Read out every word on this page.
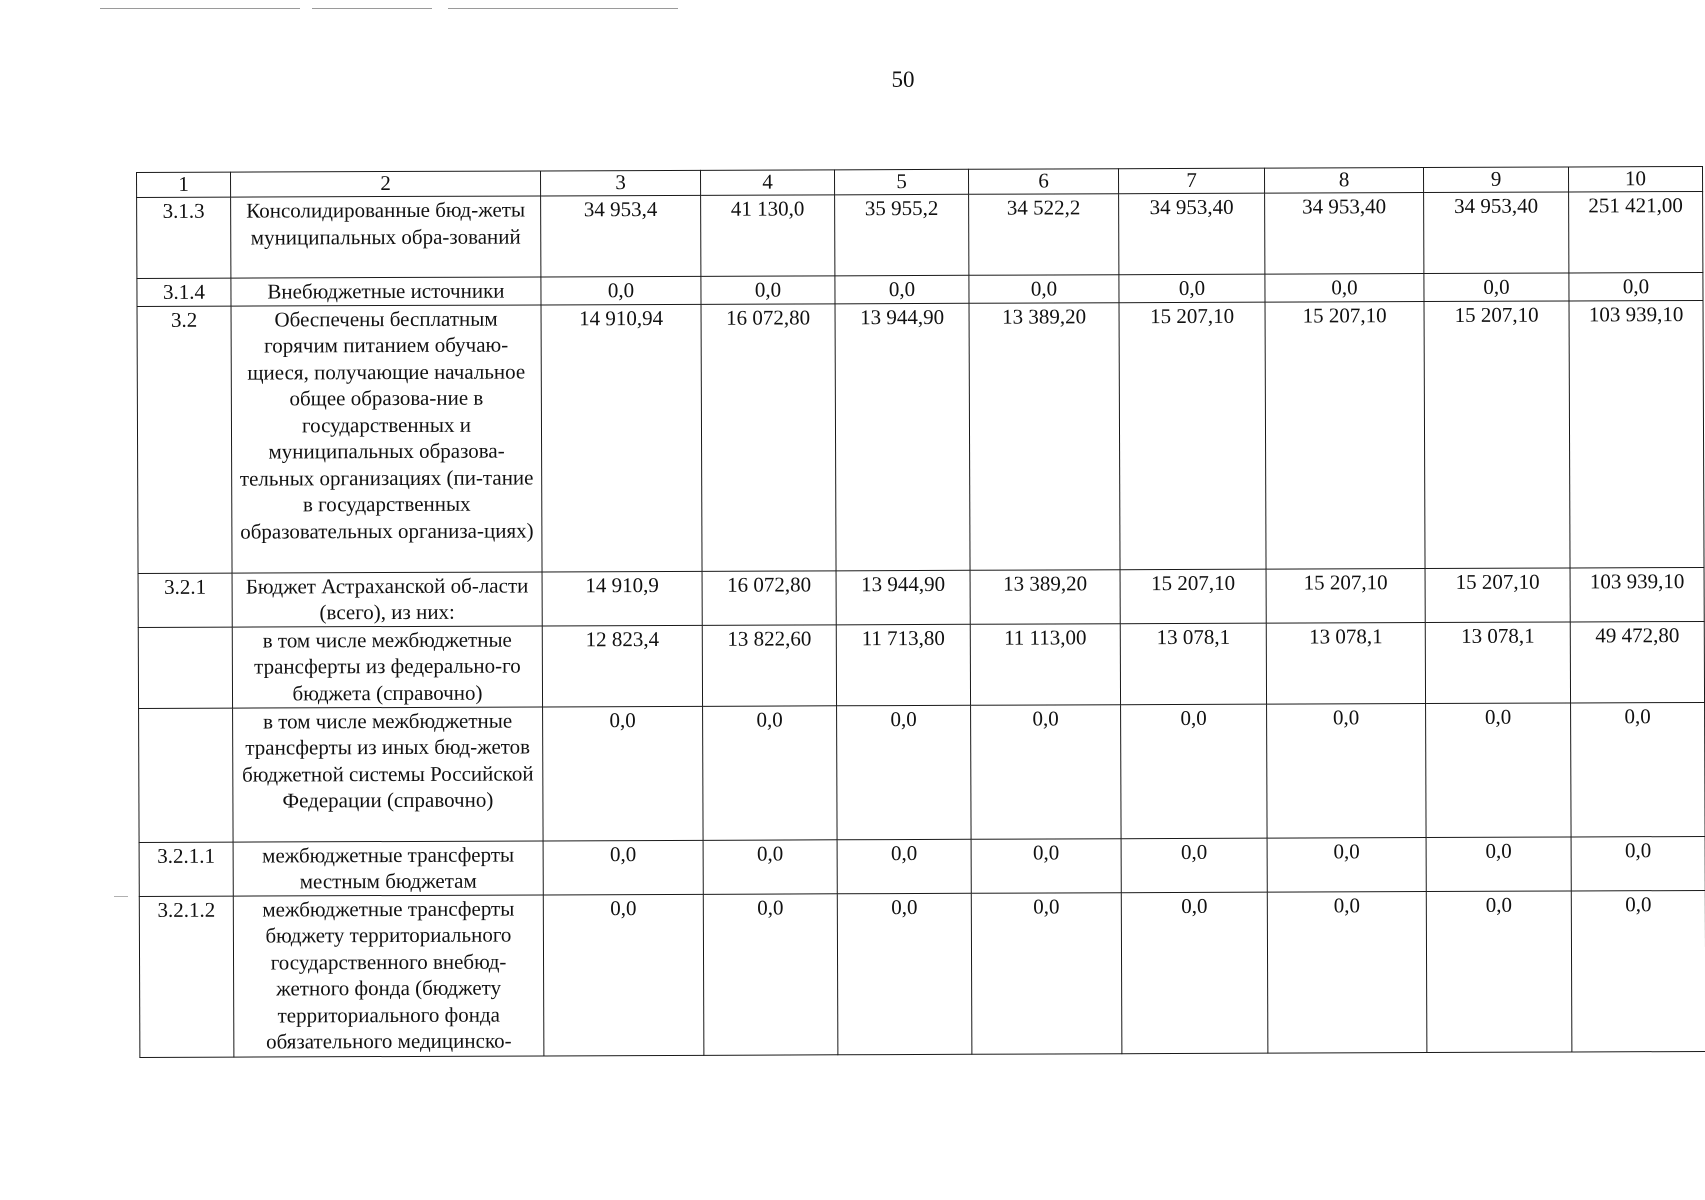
50
1	2	3	4	5	6	7	8	9	10
3.1.3	Консолидированные бюд-жеты муниципальных обра-зований	34 953,4	41 130,0	35 955,2	34 522,2	34 953,40	34 953,40	34 953,40	251 421,00
3.1.4	Внебюджетные источники	0,0	0,0	0,0	0,0	0,0	0,0	0,0	0,0
3.2	Обеспечены бесплатным горячим питанием обучаю-щиеся, получающие начальное общее образова-ние в государственных и муниципальных образова-тельных организациях (пи-тание в государственных образовательных организа-циях)	14 910,94	16 072,80	13 944,90	13 389,20	15 207,10	15 207,10	15 207,10	103 939,10
3.2.1	Бюджет Астраханской об-ласти (всего), из них:	14 910,9	16 072,80	13 944,90	13 389,20	15 207,10	15 207,10	15 207,10	103 939,10
	в том числе межбюджетные трансферты из федерально-го бюджета (справочно)	12 823,4	13 822,60	11 713,80	11 113,00	13 078,1	13 078,1	13 078,1	49 472,80
	в том числе межбюджетные трансферты из иных бюд-жетов бюджетной системы Российской Федерации (справочно)	0,0	0,0	0,0	0,0	0,0	0,0	0,0	0,0
3.2.1.1	межбюджетные трансферты местным бюджетам	0,0	0,0	0,0	0,0	0,0	0,0	0,0	0,0
3.2.1.2	межбюджетные трансферты бюджету территориального государственного внебюд-жетного фонда (бюджету территориального фонда обязательного медицинско-	0,0	0,0	0,0	0,0	0,0	0,0	0,0	0,0
